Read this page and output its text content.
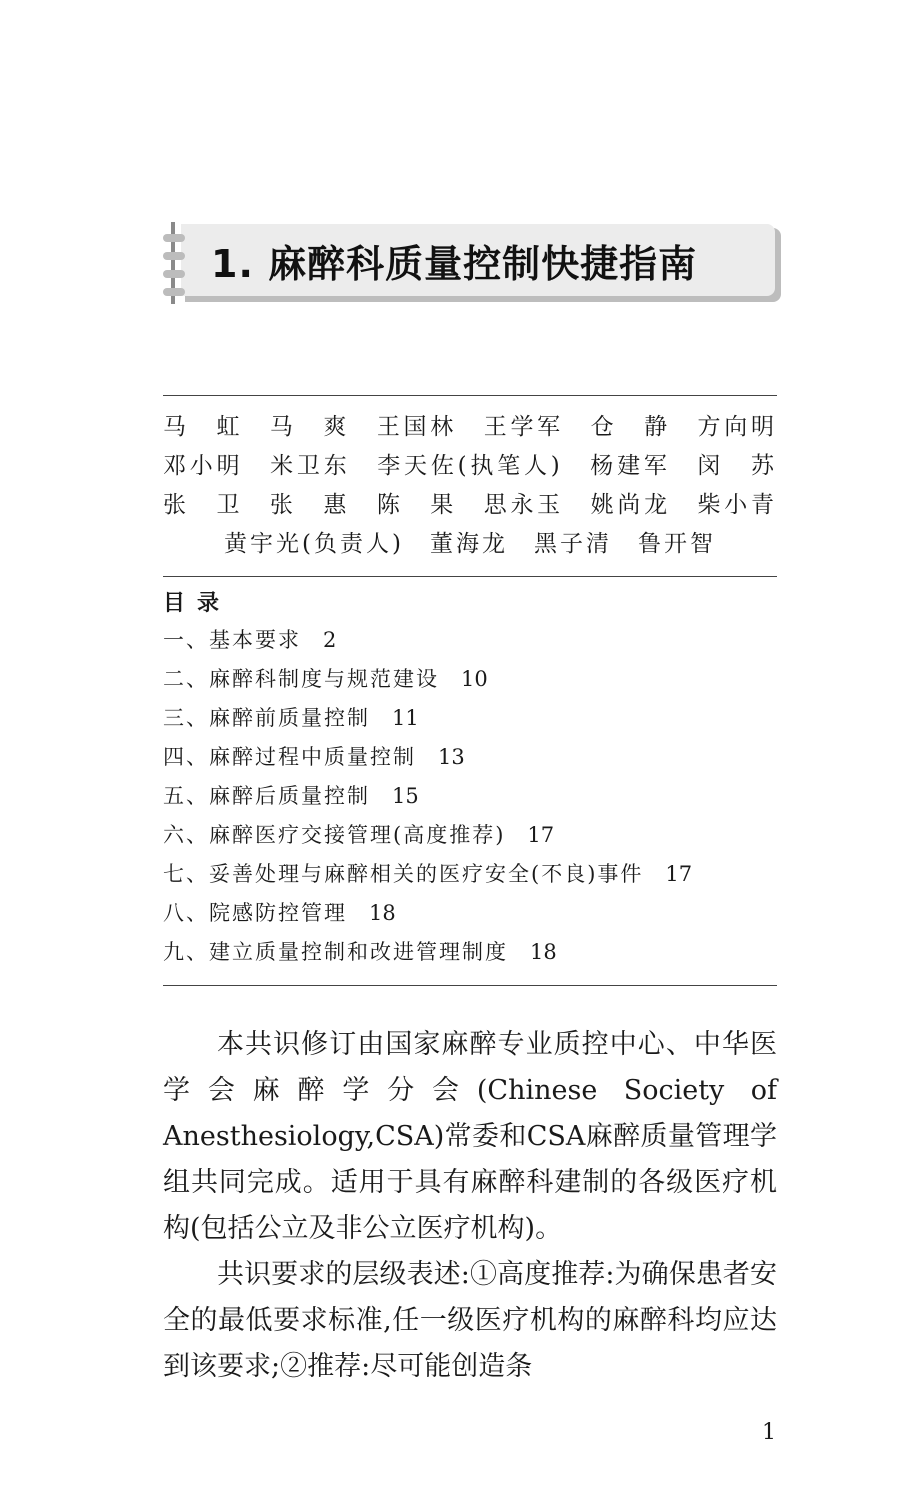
1. 麻醉科质量控制快捷指南
马　虹　马　爽　王国林　王学军　仓　静　方向明
邓小明　米卫东　李天佐(执笔人)　杨建军　闵　苏
张　卫　张　惠　陈　果　思永玉　姚尚龙　柴小青
黄宇光(负责人)　董海龙　黑子清　鲁开智
目录
一、基本要求 2
二、麻醉科制度与规范建设 10
三、麻醉前质量控制 11
四、麻醉过程中质量控制 13
五、麻醉后质量控制 15
六、麻醉医疗交接管理(高度推荐) 17
七、妥善处理与麻醉相关的医疗安全(不良)事件 17
八、院感防控管理 18
九、建立质量控制和改进管理制度 18

本共识修订由国家麻醉专业质控中心、中华医学会麻醉学分会(Chinese Society of Anesthesiology,CSA)常委和CSA麻醉质量管理学组共同完成。适用于具有麻醉科建制的各级医疗机构(包括公立及非公立医疗机构)。

共识要求的层级表述:①高度推荐:为确保患者安全的最低要求标准,任一级医疗机构的麻醉科均应达到该要求;②推荐:尽可能创造条

1
